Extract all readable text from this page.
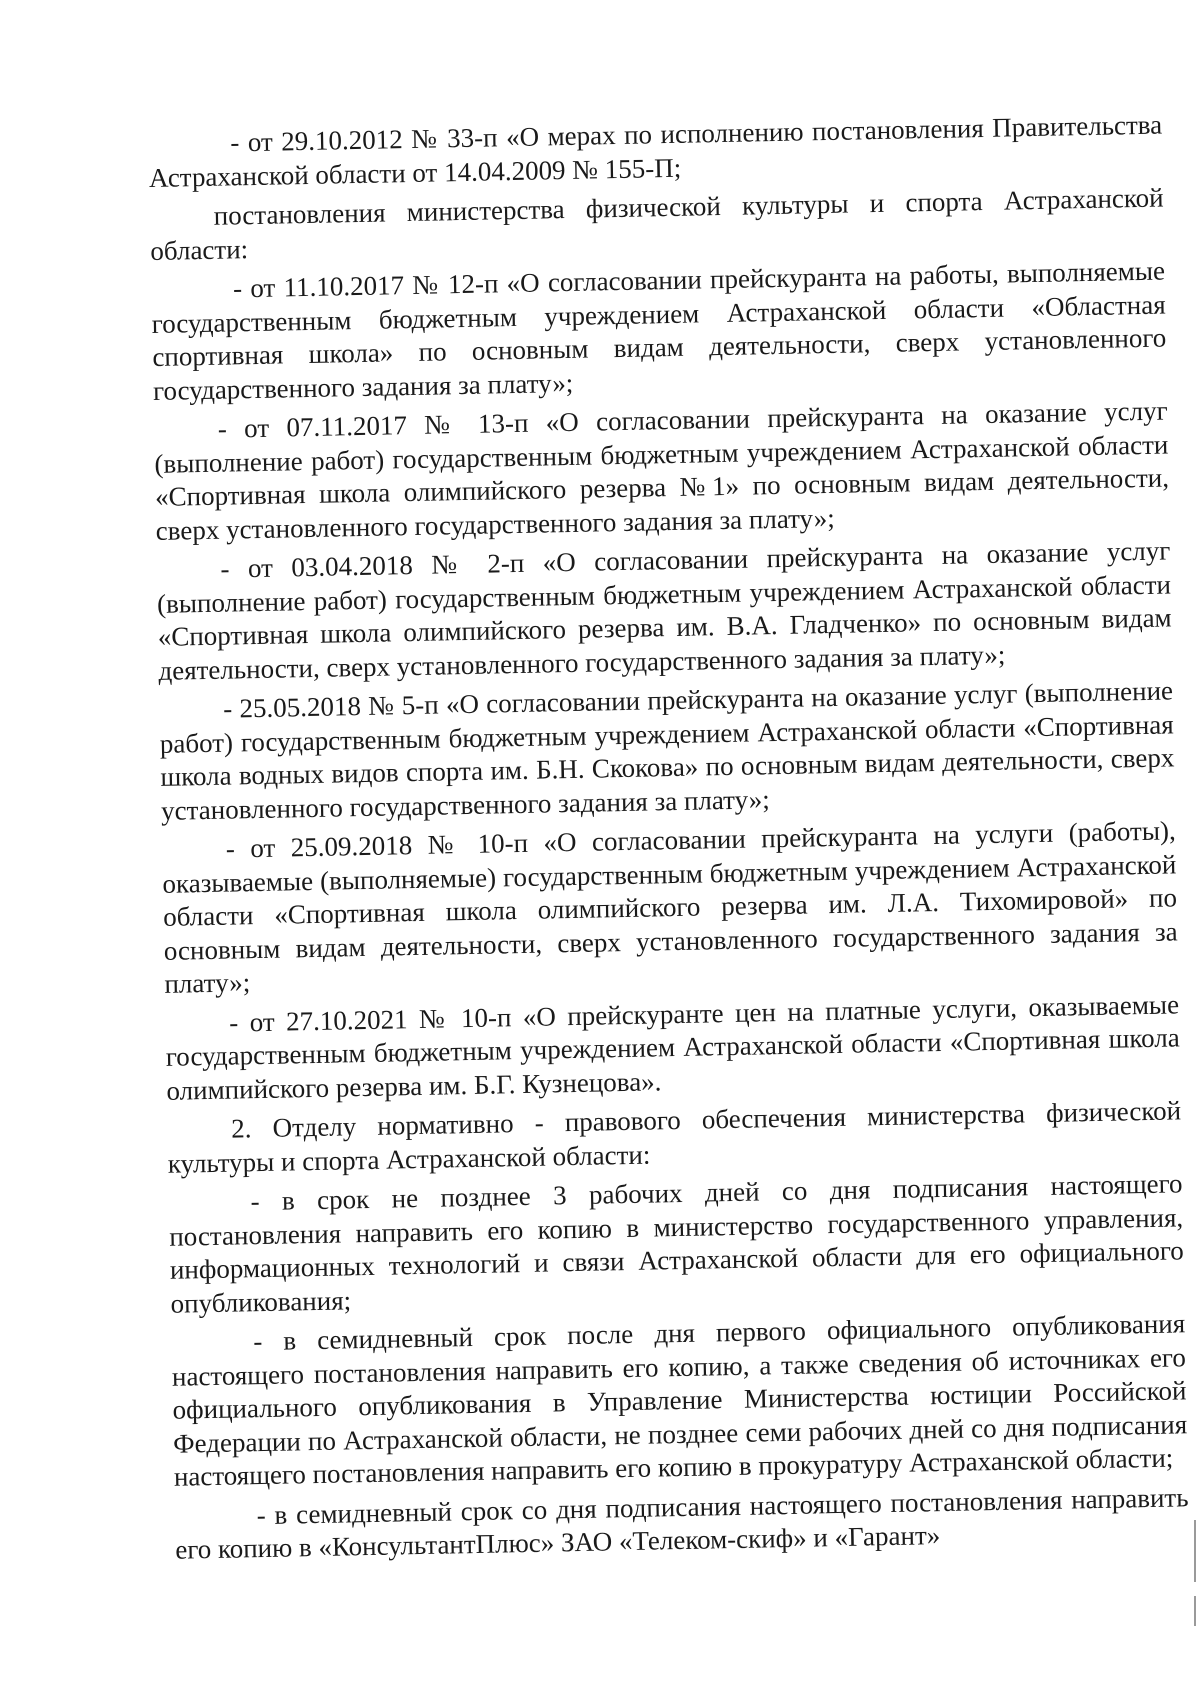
- от 29.10.2012 № 33-п «О мерах по исполнению постановления Правительства Астраханской области от 14.04.2009 № 155-П;

постановления министерства физической культуры и спорта Астраханской области:

- от 11.10.2017 № 12-п «О согласовании прейскуранта на работы, выполняемые государственным бюджетным учреждением Астраханской области «Областная спортивная школа» по основным видам деятельности, сверх установленного государственного задания за плату»;

- от 07.11.2017 № 13-п «О согласовании прейскуранта на оказание услуг (выполнение работ) государственным бюджетным учреждением Астраханской области «Спортивная школа олимпийского резерва №1» по основным видам деятельности, сверх установленного государственного задания за плату»;

- от 03.04.2018 № 2-п «О согласовании прейскуранта на оказание услуг (выполнение работ) государственным бюджетным учреждением Астраханской области «Спортивная школа олимпийского резерва им. В.А. Гладченко» по основным видам деятельности, сверх установленного государственного задания за плату»;

- 25.05.2018 № 5-п «О согласовании прейскуранта на оказание услуг (выполнение работ) государственным бюджетным учреждением Астраханской области «Спортивная школа водных видов спорта им. Б.Н. Скокова» по основным видам деятельности, сверх установленного государственного задания за плату»;

- от 25.09.2018 № 10-п «О согласовании прейскуранта на услуги (работы), оказываемые (выполняемые) государственным бюджетным учреждением Астраханской области «Спортивная школа олимпийского резерва им. Л.А. Тихомировой» по основным видам деятельности, сверх установленного государственного задания за плату»;

- от 27.10.2021 № 10-п «О прейскуранте цен на платные услуги, оказываемые государственным бюджетным учреждением Астраханской области «Спортивная школа олимпийского резерва им. Б.Г. Кузнецова».

2. Отделу нормативно - правового обеспечения министерства физической культуры и спорта Астраханской области:

- в срок не позднее 3 рабочих дней со дня подписания настоящего постановления направить его копию в министерство государственного управления, информационных технологий и связи Астраханской области для его официального опубликования;

- в семидневный срок после дня первого официального опубликования настоящего постановления направить его копию, а также сведения об источниках его официального опубликования в Управление Министерства юстиции Российской Федерации по Астраханской области, не позднее семи рабочих дней со дня подписания настоящего постановления направить его копию в прокуратуру Астраханской области;

- в семидневный срок со дня подписания настоящего постановления направить его копию в «КонсультантПлюс» ЗАО «Телеком-скиф» и «Гарант»
